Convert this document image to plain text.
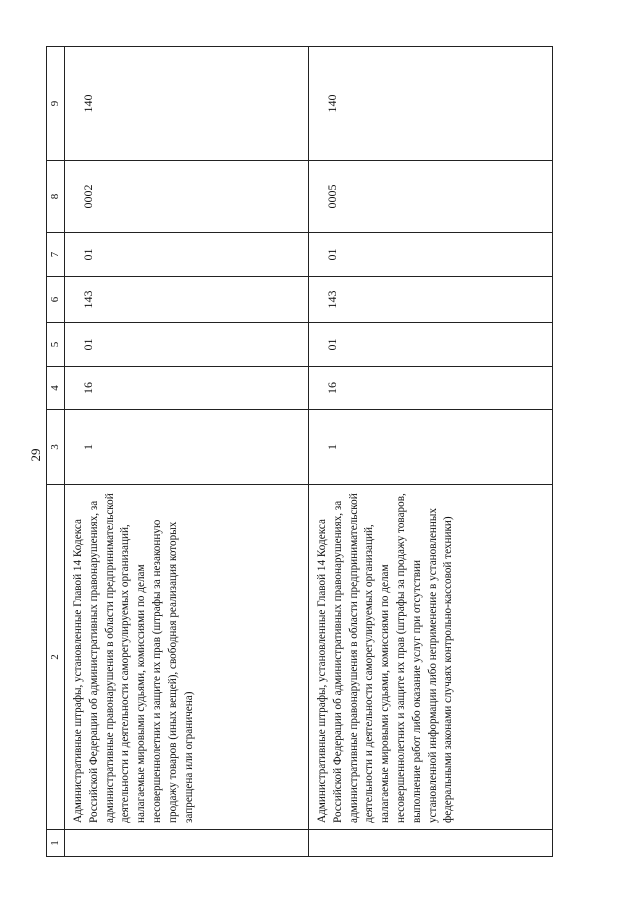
29
1	2	3	4	5	6	7	8	9
	Административные штрафы, установленные Главой 14 Кодекса Российской Федерации об административных правонарушениях, за административные правонарушения в области предпринимательской деятельности и деятельности саморегулируемых организаций, налагаемые мировыми судьями, комиссиями по делам несовершеннолетних и защите их прав (штрафы за незаконную продажу товаров (иных вещей), свободная реализация которых запрещена или ограничена)	1	16	01	143	01	0002	140
	Административные штрафы, установленные Главой 14 Кодекса Российской Федерации об административных правонарушениях, за административные правонарушения в области предпринимательской деятельности и деятельности саморегулируемых организаций, налагаемые мировыми судьями, комиссиями по делам несовершеннолетних и защите их прав (штрафы за продажу товаров, выполнение работ либо оказание услуг при отсутствии установленной информации либо неприменение в установленных федеральными законами случаях контрольно-кассовой техники)	1	16	01	143	01	0005	140
